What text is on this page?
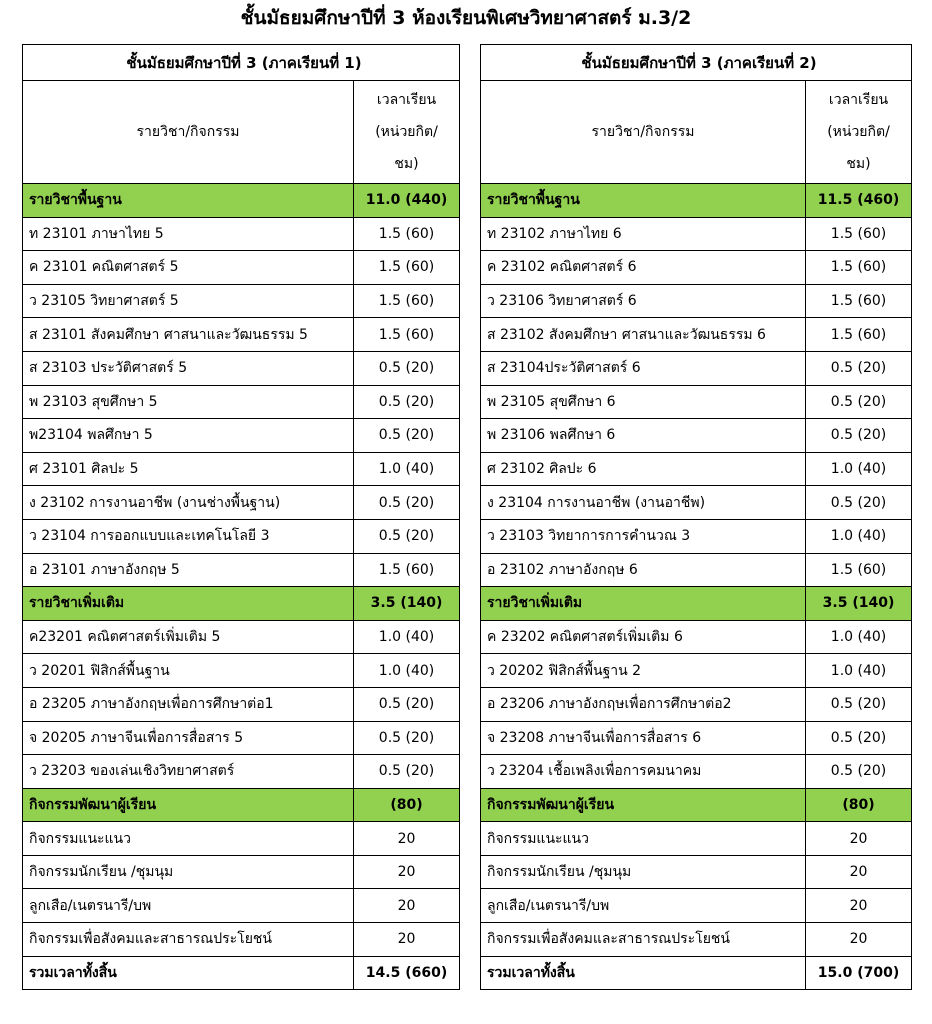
ชั้นมัธยมศึกษาปีที่ 3 ห้องเรียนพิเศษวิทยาศาสตร์ ม.3/2
ชั้นมัธยมศึกษาปีที่ 3 (ภาคเรียนที่ 1)	
รายวิชา/กิจกรรม	เวลาเรียน
(หน่วยกิต/
ชม)
รายวิชาพื้นฐาน	11.0 (440)
ท 23101 ภาษาไทย 5	1.5 (60)
ค 23101 คณิตศาสตร์ 5	1.5 (60)
ว 23105 วิทยาศาสตร์ 5	1.5 (60)
ส 23101 สังคมศึกษา ศาสนาและวัฒนธรรม 5	1.5 (60)
ส 23103 ประวัติศาสตร์ 5	0.5 (20)
พ 23103 สุขศึกษา 5	0.5 (20)
พ23104 พลศึกษา 5	0.5 (20)
ศ 23101 ศิลปะ 5	1.0 (40)
ง 23102 การงานอาชีพ (งานช่างพื้นฐาน)	0.5 (20)
ว 23104 การออกแบบและเทคโนโลยี 3	0.5 (20)
อ 23101 ภาษาอังกฤษ 5	1.5 (60)
รายวิชาเพิ่มเติม	3.5 (140)
ค23201 คณิตศาสตร์เพิ่มเติม 5	1.0 (40)
ว 20201 ฟิสิกส์พื้นฐาน	1.0 (40)
อ 23205 ภาษาอังกฤษเพื่อการศึกษาต่อ1	0.5 (20)
จ 20205 ภาษาจีนเพื่อการสื่อสาร 5	0.5 (20)
ว 23203 ของเล่นเชิงวิทยาศาสตร์	0.5 (20)
กิจกรรมพัฒนาผู้เรียน	(80)
กิจกรรมแนะแนว	20
กิจกรรมนักเรียน /ชุมนุม	20
ลูกเสือ/เนตรนารี/บพ	20
กิจกรรมเพื่อสังคมและสาธารณประโยชน์	20
รวมเวลาทั้งสิ้น	14.5 (660)
ชั้นมัธยมศึกษาปีที่ 3 (ภาคเรียนที่ 2)	
รายวิชา/กิจกรรม	เวลาเรียน
(หน่วยกิต/
ชม)
รายวิชาพื้นฐาน	11.5 (460)
ท 23102 ภาษาไทย 6	1.5 (60)
ค 23102 คณิตศาสตร์ 6	1.5 (60)
ว 23106 วิทยาศาสตร์ 6	1.5 (60)
ส 23102 สังคมศึกษา ศาสนาและวัฒนธรรม 6	1.5 (60)
ส 23104ประวัติศาสตร์ 6	0.5 (20)
พ 23105 สุขศึกษา 6	0.5 (20)
พ 23106 พลศึกษา 6	0.5 (20)
ศ 23102 ศิลปะ 6	1.0 (40)
ง 23104 การงานอาชีพ (งานอาชีพ)	0.5 (20)
ว 23103 วิทยาการการคำนวณ 3	1.0 (40)
อ 23102 ภาษาอังกฤษ 6	1.5 (60)
รายวิชาเพิ่มเติม	3.5 (140)
ค 23202 คณิตศาสตร์เพิ่มเติม 6	1.0 (40)
ว 20202 ฟิสิกส์พื้นฐาน 2	1.0 (40)
อ 23206 ภาษาอังกฤษเพื่อการศึกษาต่อ2	0.5 (20)
จ 23208 ภาษาจีนเพื่อการสื่อสาร 6	0.5 (20)
ว 23204 เชื้อเพลิงเพื่อการคมนาคม	0.5 (20)
กิจกรรมพัฒนาผู้เรียน	(80)
กิจกรรมแนะแนว	20
กิจกรรมนักเรียน /ชุมนุม	20
ลูกเสือ/เนตรนารี/บพ	20
กิจกรรมเพื่อสังคมและสาธารณประโยชน์	20
รวมเวลาทั้งสิ้น	15.0 (700)
